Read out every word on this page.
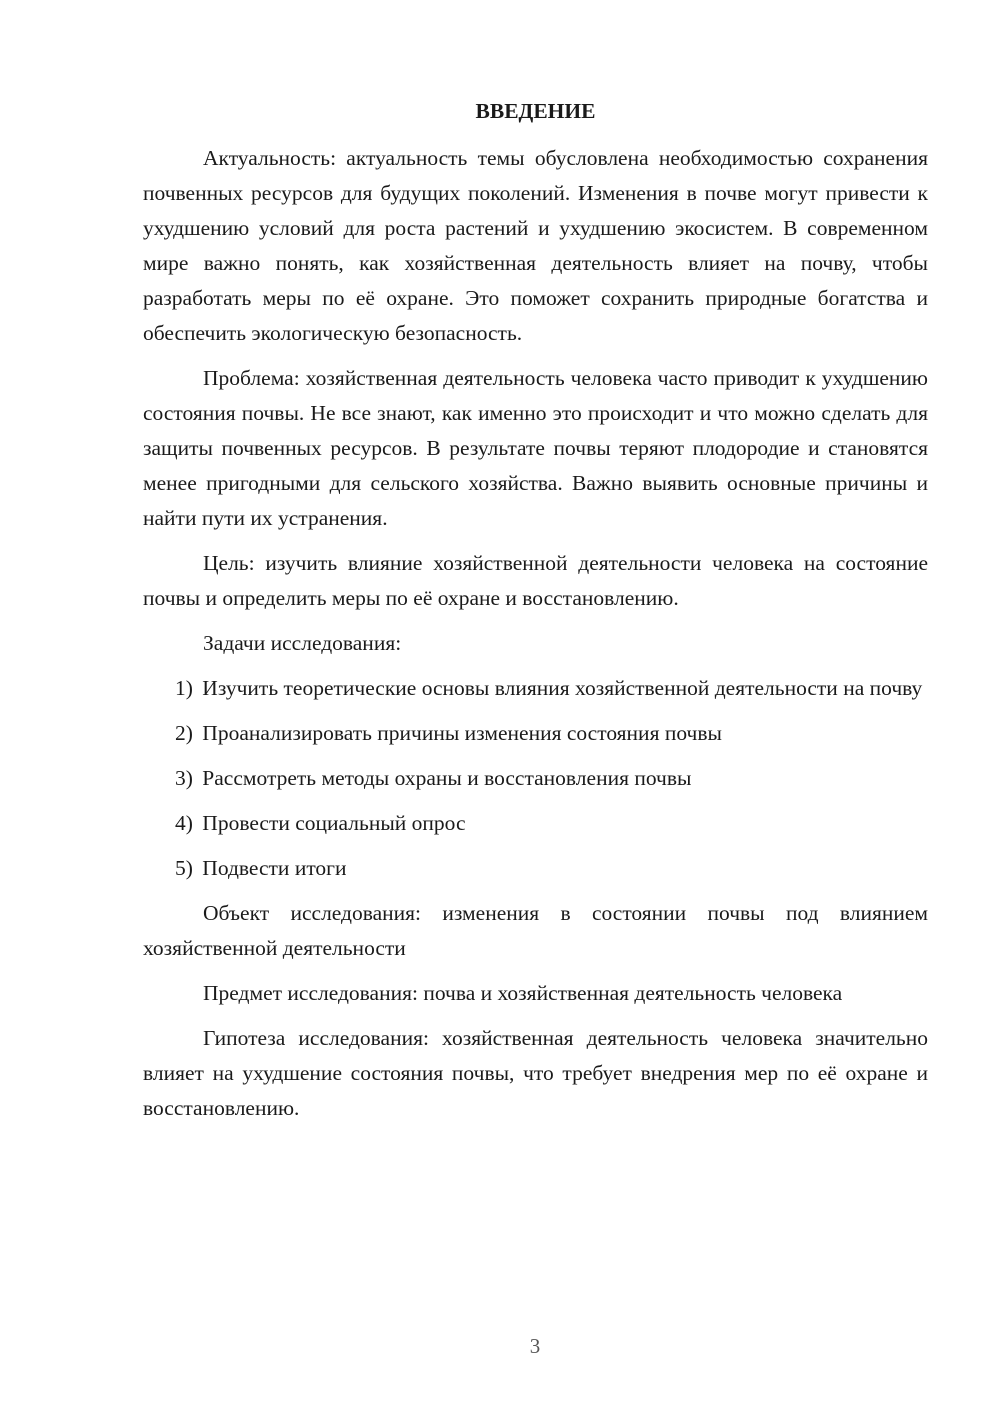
ВВЕДЕНИЕ

Актуальность: актуальность темы обусловлена необходимостью сохранения почвенных ресурсов для будущих поколений. Изменения в почве могут привести к ухудшению условий для роста растений и ухудшению экосистем. В современном мире важно понять, как хозяйственная деятельность влияет на почву, чтобы разработать меры по её охране. Это поможет сохранить природные богатства и обеспечить экологическую безопасность.

Проблема: хозяйственная деятельность человека часто приводит к ухудшению состояния почвы. Не все знают, как именно это происходит и что можно сделать для защиты почвенных ресурсов. В результате почвы теряют плодородие и становятся менее пригодными для сельского хозяйства. Важно выявить основные причины и найти пути их устранения.

Цель: изучить влияние хозяйственной деятельности человека на состояние почвы и определить меры по её охране и восстановлению.

Задачи исследования:

1) Изучить теоретические основы влияния хозяйственной деятельности на почву
2) Проанализировать причины изменения состояния почвы
3) Рассмотреть методы охраны и восстановления почвы
4) Провести социальный опрос
5) Подвести итоги

Объект исследования: изменения в состоянии почвы под влиянием хозяйственной деятельности

Предмет исследования: почва и хозяйственная деятельность человека

Гипотеза исследования: хозяйственная деятельность человека значительно влияет на ухудшение состояния почвы, что требует внедрения мер по её охране и восстановлению.

3
